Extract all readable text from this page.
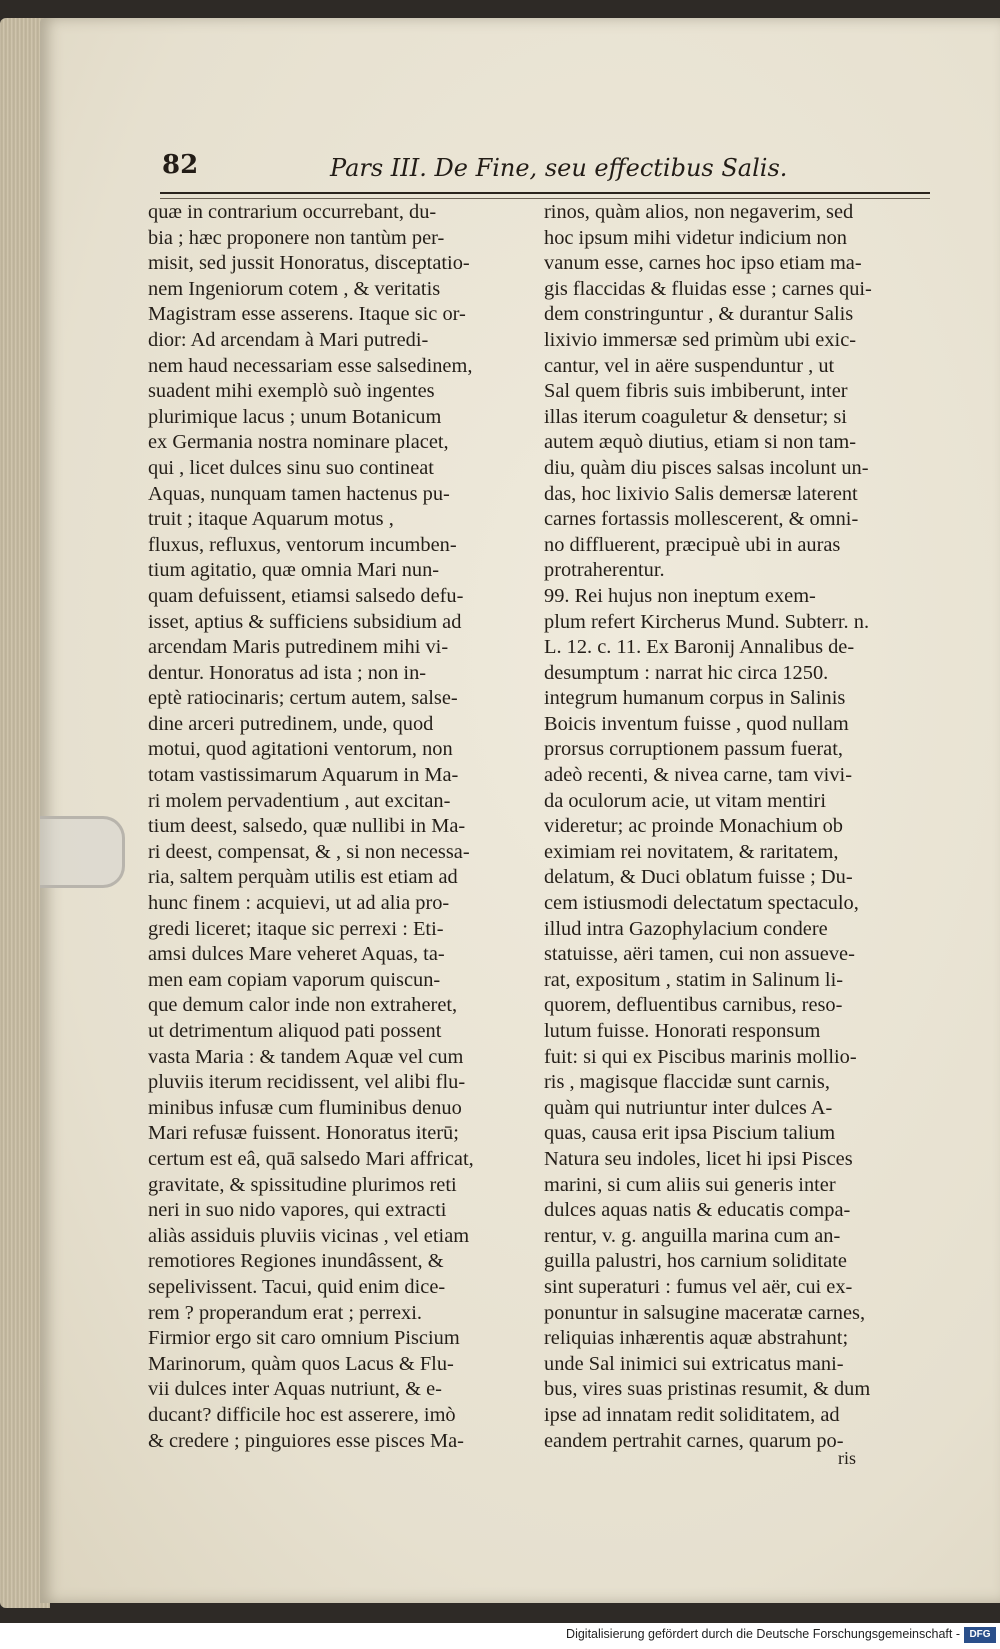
82	Pars III. De Fine, seu effectibus Salis.
quæ in contrarium occurrebant, du-
bia ; hæc proponere non tantùm per-
misit, sed jussit Honoratus, disceptatio-
nem Ingeniorum cotem , & veritatis
Magistram esse asserens. Itaque sic or-
dior: Ad arcendam à Mari putredi-
nem haud necessariam esse salsedinem,
suadent mihi exemplò suò ingentes
plurimique lacus ; unum Botanicum
ex Germania nostra nominare placet,
qui , licet dulces sinu suo contineat
Aquas, nunquam tamen hactenus pu-
truit ; itaque Aquarum motus ,
fluxus, refluxus, ventorum incumben-
tium agitatio, quæ omnia Mari nun-
quam defuissent, etiamsi salsedo defu-
isset, aptius & sufficiens subsidium ad
arcendam Maris putredinem mihi vi-
dentur. Honoratus ad ista ; non in-
eptè ratiocinaris; certum autem, salse-
dine arceri putredinem, unde, quod
motui, quod agitationi ventorum, non
totam vastissimarum Aquarum in Ma-
ri molem pervadentium , aut excitan-
tium deest, salsedo, quæ nullibi in Ma-
ri deest, compensat, & , si non necessa-
ria, saltem perquàm utilis est etiam ad
hunc finem : acquievi, ut ad alia pro-
gredi liceret; itaque sic perrexi : Eti-
amsi dulces Mare veheret Aquas, ta-
men eam copiam vaporum quiscun-
que demum calor inde non extraheret,
ut detrimentum aliquod pati possent
vasta Maria : & tandem Aquæ vel cum
pluviis iterum recidissent, vel alibi flu-
minibus infusæ cum fluminibus denuo
Mari refusæ fuissent. Honoratus iterū;
certum est eâ, quā salsedo Mari affricat,
gravitate, & spissitudine plurimos reti
neri in suo nido vapores, qui extracti
aliàs assiduis pluviis vicinas , vel etiam
remotiores Regiones inundâssent, &
sepelivissent. Tacui, quid enim dice-
rem ? properandum erat ; perrexi.
Firmior ergo sit caro omnium Piscium
Marinorum, quàm quos Lacus & Flu-
vii dulces inter Aquas nutriunt, & e-
ducant? difficile hoc est asserere, imò
& credere ; pinguiores esse pisces Ma-
rinos, quàm alios, non negaverim, sed
hoc ipsum mihi videtur indicium non
vanum esse, carnes hoc ipso etiam ma-
gis flaccidas & fluidas esse ; carnes qui-
dem constringuntur , & durantur Salis
lixivio immersæ sed primùm ubi exic-
cantur, vel in aëre suspenduntur , ut
Sal quem fibris suis imbiberunt, inter
illas iterum coaguletur & densetur; si
autem æquò diutius, etiam si non tam-
diu, quàm diu pisces salsas incolunt un-
das, hoc lixivio Salis demersæ laterent
carnes fortassis mollescerent, & omni-
no diffluerent, præcipuè ubi in auras
protraherentur.
99. Rei hujus non ineptum exem-
plum refert Kircherus Mund. Subterr. n.
L. 12. c. 11. Ex Baronij Annalibus de-
desumptum : narrat hic circa 1250.
integrum humanum corpus in Salinis
Boicis inventum fuisse , quod nullam
prorsus corruptionem passum fuerat,
adeò recenti, & nivea carne, tam vivi-
da oculorum acie, ut vitam mentiri
videretur; ac proinde Monachium ob
eximiam rei novitatem, & raritatem,
delatum, & Duci oblatum fuisse ; Du-
cem istiusmodi delectatum spectaculo,
illud intra Gazophylacium condere
statuisse, aëri tamen, cui non assueve-
rat, expositum , statim in Salinum li-
quorem, defluentibus carnibus, reso-
lutum fuisse. Honorati responsum
fuit: si qui ex Piscibus marinis mollio-
ris , magisque flaccidæ sunt carnis,
quàm qui nutriuntur inter dulces A-
quas, causa erit ipsa Piscium talium
Natura seu indoles, licet hi ipsi Pisces
marini, si cum aliis sui generis inter
dulces aquas natis & educatis compa-
rentur, v. g. anguilla marina cum an-
guilla palustri, hos carnium soliditate
sint superaturi : fumus vel aër, cui ex-
ponuntur in salsugine maceratæ carnes,
reliquias inhærentis aquæ abstrahunt;
unde Sal inimici sui extricatus mani-
bus, vires suas pristinas resumit, & dum
ipse ad innatam redit soliditatem, ad
eandem pertrahit carnes, quarum po-
ris
Digitalisierung gefördert durch die Deutsche Forschungsgemeinschaft - DFG
